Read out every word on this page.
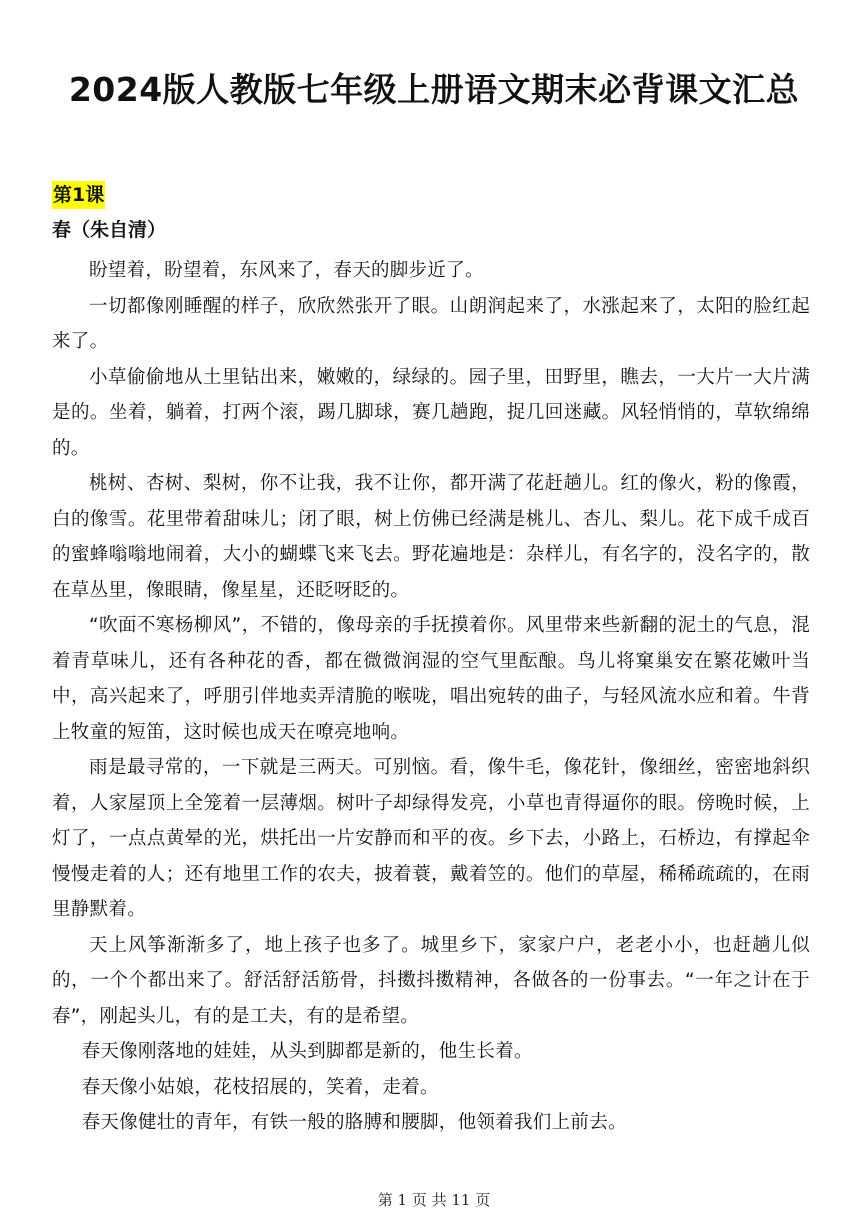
2024版人教版七年级上册语文期末必背课文汇总
第1课
春（朱自清）

盼望着，盼望着，东风来了，春天的脚步近了。

一切都像刚睡醒的样子，欣欣然张开了眼。山朗润起来了，水涨起来了，太阳的脸红起来了。

小草偷偷地从土里钻出来，嫩嫩的，绿绿的。园子里，田野里，瞧去，一大片一大片满是的。坐着，躺着，打两个滚，踢几脚球，赛几趟跑，捉几回迷藏。风轻悄悄的，草软绵绵的。

桃树、杏树、梨树，你不让我，我不让你，都开满了花赶趟儿。红的像火，粉的像霞，白的像雪。花里带着甜味儿；闭了眼，树上仿佛已经满是桃儿、杏儿、梨儿。花下成千成百的蜜蜂嗡嗡地闹着，大小的蝴蝶飞来飞去。野花遍地是：杂样儿，有名字的，没名字的，散在草丛里，像眼睛，像星星，还眨呀眨的。

“吹面不寒杨柳风”，不错的，像母亲的手抚摸着你。风里带来些新翻的泥土的气息，混着青草味儿，还有各种花的香，都在微微润湿的空气里酝酿。鸟儿将窠巢安在繁花嫩叶当中，高兴起来了，呼朋引伴地卖弄清脆的喉咙，唱出宛转的曲子，与轻风流水应和着。牛背上牧童的短笛，这时候也成天在嘹亮地响。

雨是最寻常的，一下就是三两天。可别恼。看，像牛毛，像花针，像细丝，密密地斜织着，人家屋顶上全笼着一层薄烟。树叶子却绿得发亮，小草也青得逼你的眼。傍晚时候，上灯了，一点点黄晕的光，烘托出一片安静而和平的夜。乡下去，小路上，石桥边，有撑起伞慢慢走着的人；还有地里工作的农夫，披着蓑，戴着笠的。他们的草屋，稀稀疏疏的，在雨里静默着。

天上风筝渐渐多了，地上孩子也多了。城里乡下，家家户户，老老小小，也赶趟儿似的，一个个都出来了。舒活舒活筋骨，抖擞抖擞精神，各做各的一份事去。“一年之计在于春”，刚起头儿，有的是工夫，有的是希望。

春天像刚落地的娃娃，从头到脚都是新的，他生长着。

春天像小姑娘，花枝招展的，笑着，走着。

春天像健壮的青年，有铁一般的胳膊和腰脚，他领着我们上前去。

第 1 页 共 11 页
